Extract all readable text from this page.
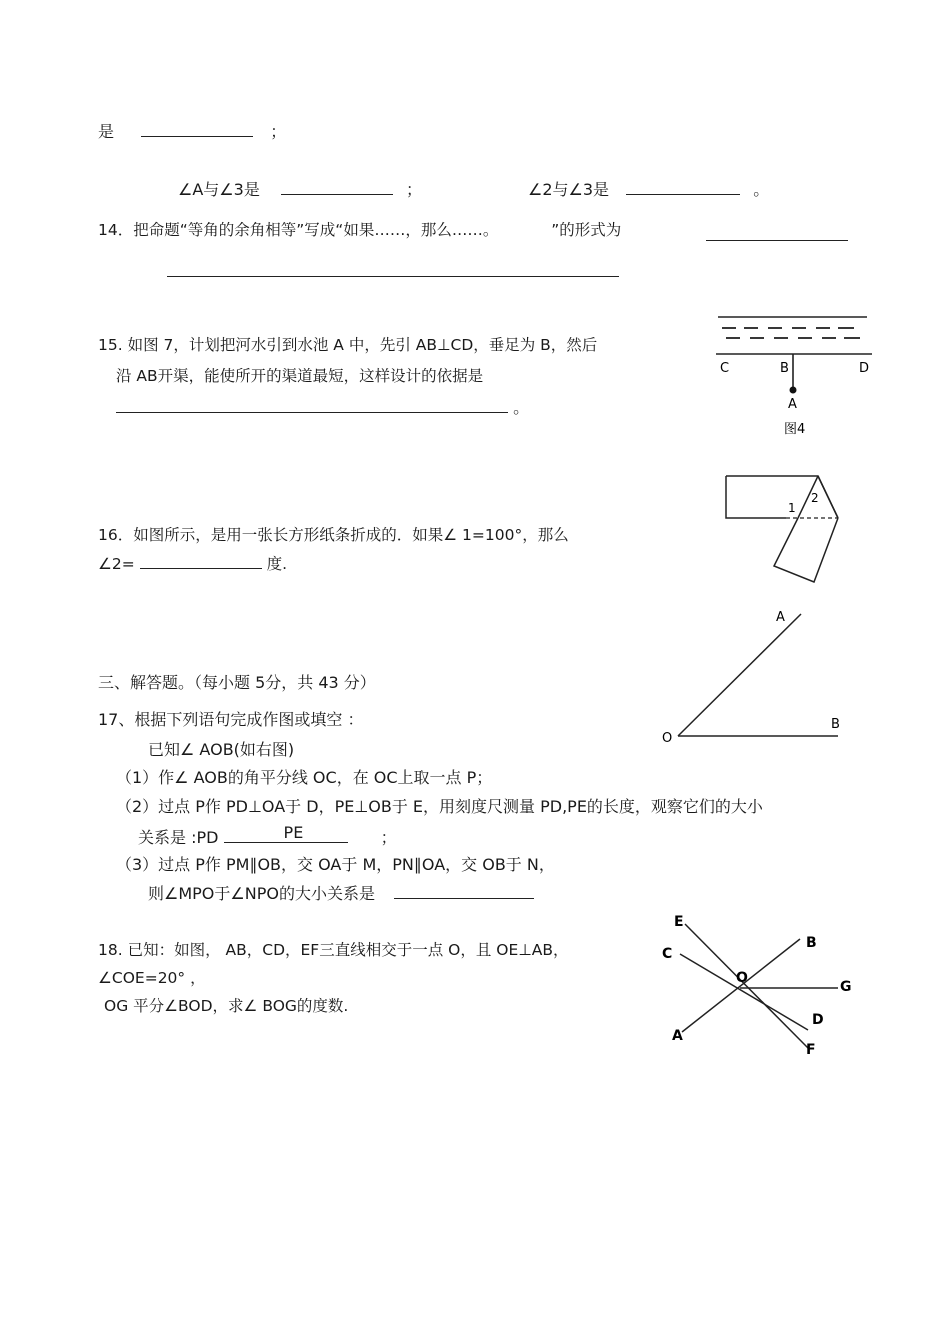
是	；
∠A与∠3是	；	∠2与∠3是	。
14．把命题“等角的余角相等”写成“如果……，那么……。	”的形式为
15. 如图 7，计划把河水引到水池 A 中，先引 AB⊥CD，垂足为 B，然后
沿 AB开渠，能使所开的渠道最短，这样设计的依据是
。
C	B	D
A
图4
16．如图所示，是用一张长方形纸条折成的．如果∠ 1=100°，那么
∠2=	度.
1
2
三、解答题。（每小题 5分，共 43 分）
17、根据下列语句完成作图或填空 ：
已知∠ AOB(如右图)
（1）作∠ AOB的角平分线 OC，在 OC上取一点 P；
（2）过点 P作 PD⊥OA于 D，PE⊥OB于 E，用刻度尺测量 PD,PE的长度，观察它们的大小
关系是 :PD	PE	；
（3）过点 P作 PM∥OB，交 OA于 M，PN∥OA，交 OB于 N，
则∠MPO于∠NPO的大小关系是
A
O
B
18. 已知：如图， AB，CD，EF三直线相交于一点 O，且 OE⊥AB，
∠COE=20° ，
OG 平分∠BOD，求∠ BOG的度数.
E
C
O
B
G
D
A
F
